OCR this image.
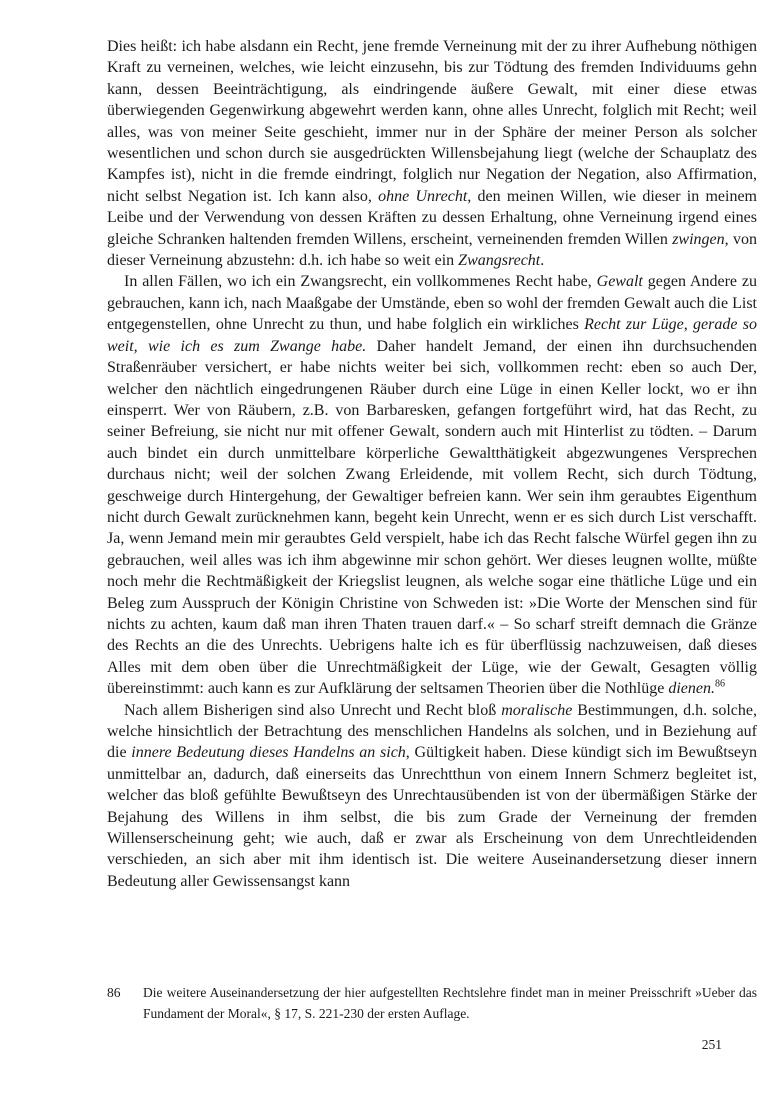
Dies heißt: ich habe alsdann ein Recht, jene fremde Verneinung mit der zu ihrer Aufhebung nöthigen Kraft zu verneinen, welches, wie leicht einzusehn, bis zur Tödtung des fremden Individuums gehn kann, dessen Beeinträchtigung, als eindringende äußere Gewalt, mit einer diese etwas überwiegenden Gegenwirkung abgewehrt werden kann, ohne alles Unrecht, folglich mit Recht; weil alles, was von meiner Seite geschieht, immer nur in der Sphäre der meiner Person als solcher wesentlichen und schon durch sie ausgedrückten Willensbejahung liegt (welche der Schauplatz des Kampfes ist), nicht in die fremde eindringt, folglich nur Negation der Negation, also Affirmation, nicht selbst Negation ist. Ich kann also, ohne Unrecht, den meinen Willen, wie dieser in meinem Leibe und der Verwendung von dessen Kräften zu dessen Erhaltung, ohne Verneinung irgend eines gleiche Schranken haltenden fremden Willens, erscheint, verneinenden fremden Willen zwingen, von dieser Verneinung abzustehn: d.h. ich habe so weit ein Zwangsrecht.

In allen Fällen, wo ich ein Zwangsrecht, ein vollkommenes Recht habe, Gewalt gegen Andere zu gebrauchen, kann ich, nach Maaßgabe der Umstände, eben so wohl der fremden Gewalt auch die List entgegenstellen, ohne Unrecht zu thun, und habe folglich ein wirkliches Recht zur Lüge, gerade so weit, wie ich es zum Zwange habe. Daher handelt Jemand, der einen ihn durchsuchenden Straßenräuber versichert, er habe nichts weiter bei sich, vollkommen recht: eben so auch Der, welcher den nächtlich eingedrungenen Räuber durch eine Lüge in einen Keller lockt, wo er ihn einsperrt. Wer von Räubern, z.B. von Barbaresken, gefangen fortgeführt wird, hat das Recht, zu seiner Befreiung, sie nicht nur mit offener Gewalt, sondern auch mit Hinterlist zu tödten. – Darum auch bindet ein durch unmittelbare körperliche Gewaltthätigkeit abgezwungenes Versprechen durchaus nicht; weil der solchen Zwang Erleidende, mit vollem Recht, sich durch Tödtung, geschweige durch Hintergehung, der Gewaltiger befreien kann. Wer sein ihm geraubtes Eigenthum nicht durch Gewalt zurücknehmen kann, begeht kein Unrecht, wenn er es sich durch List verschafft. Ja, wenn Jemand mein mir geraubtes Geld verspielt, habe ich das Recht falsche Würfel gegen ihn zu gebrauchen, weil alles was ich ihm abgewinne mir schon gehört. Wer dieses leugnen wollte, müßte noch mehr die Rechtmäßigkeit der Kriegslist leugnen, als welche sogar eine thätliche Lüge und ein Beleg zum Ausspruch der Königin Christine von Schweden ist: »Die Worte der Menschen sind für nichts zu achten, kaum daß man ihren Thaten trauen darf.« – So scharf streift demnach die Gränze des Rechts an die des Unrechts. Uebrigens halte ich es für überflüssig nachzuweisen, daß dieses Alles mit dem oben über die Unrechtmäßigkeit der Lüge, wie der Gewalt, Gesagten völlig übereinstimmt: auch kann es zur Aufklärung der seltsamen Theorien über die Nothlüge dienen.$^{86}$

Nach allem Bisherigen sind also Unrecht und Recht bloß moralische Bestimmungen, d.h. solche, welche hinsichtlich der Betrachtung des menschlichen Handelns als solchen, und in Beziehung auf die innere Bedeutung dieses Handelns an sich, Gültigkeit haben. Diese kündigt sich im Bewußtseyn unmittelbar an, dadurch, daß einerseits das Unrechtthun von einem Innern Schmerz begleitet ist, welcher das bloß gefühlte Bewußtseyn des Unrechtausübenden ist von der übermäßigen Stärke der Bejahung des Willens in ihm selbst, die bis zum Grade der Verneinung der fremden Willenserscheinung geht; wie auch, daß er zwar als Erscheinung von dem Unrechtleidenden verschieden, an sich aber mit ihm identisch ist. Die weitere Auseinandersetzung dieser innern Bedeutung aller Gewissensangst kann

86 Die weitere Auseinandersetzung der hier aufgestellten Rechtslehre findet man in meiner Preisschrift »Ueber das Fundament der Moral«, § 17, S. 221-230 der ersten Auflage.
251
